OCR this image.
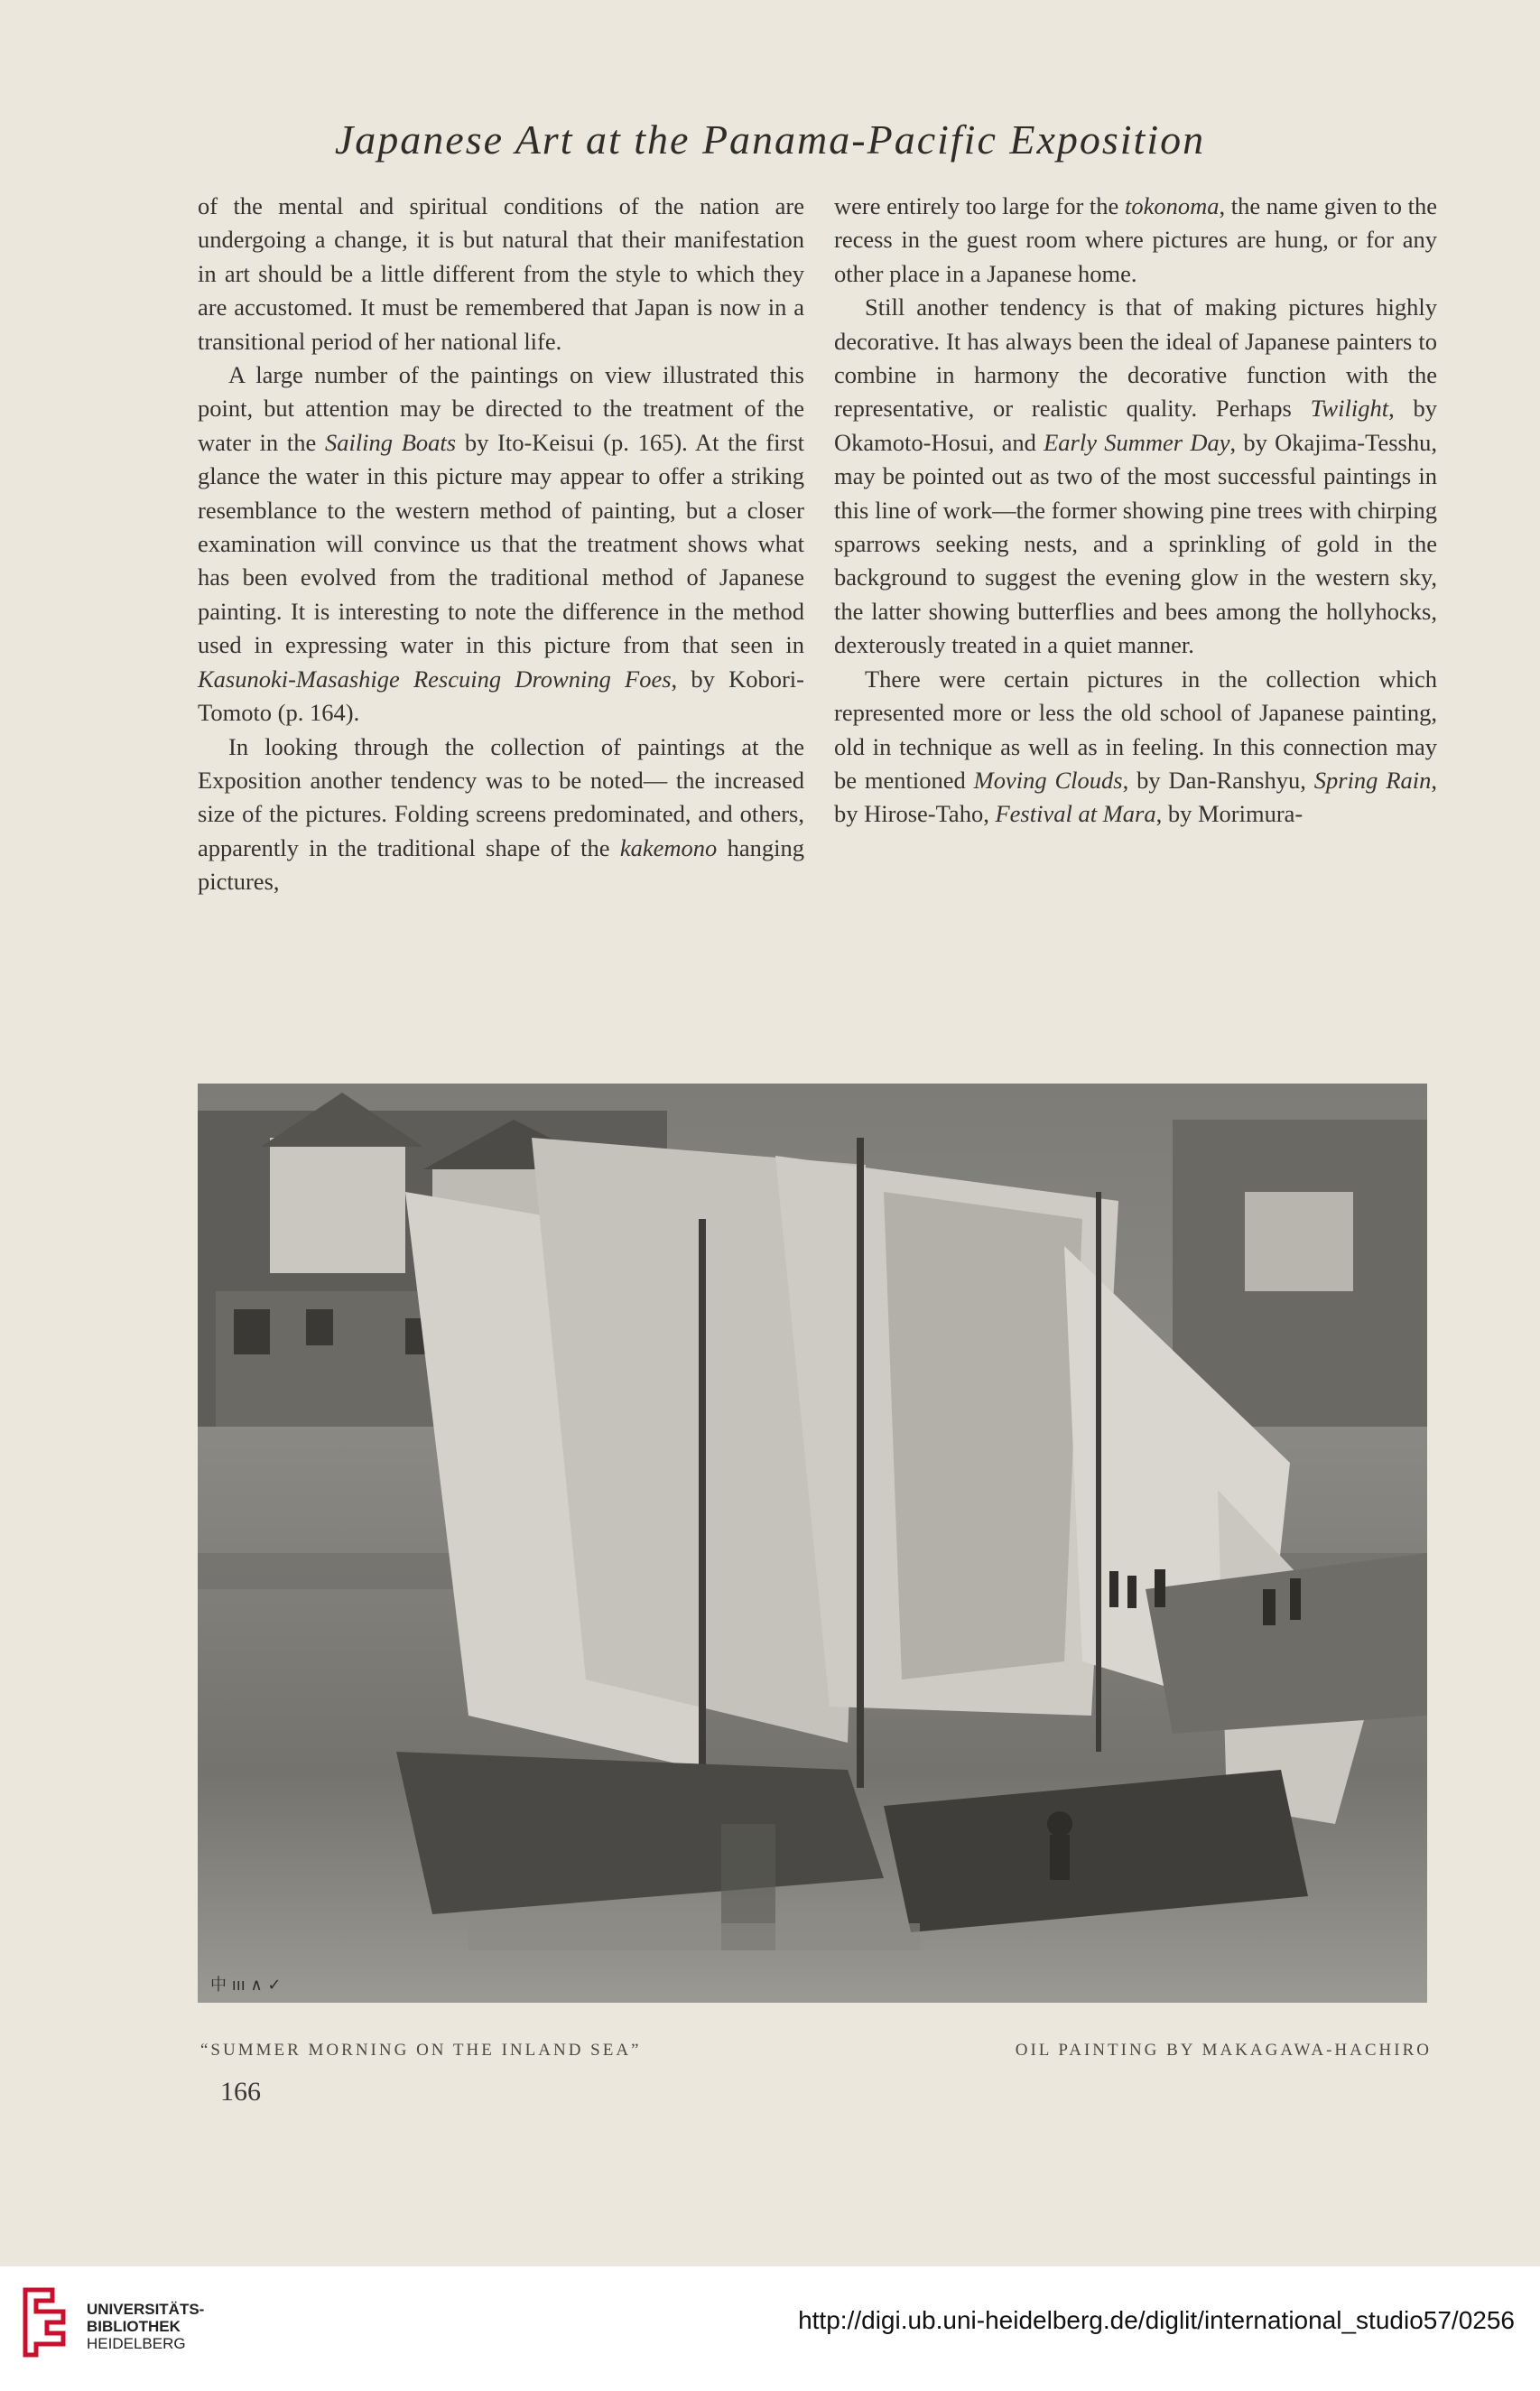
Japanese Art at the Panama-Pacific Exposition

of the mental and spiritual conditions of the nation are undergoing a change, it is but natural that their manifestation in art should be a little different from the style to which they are accustomed. It must be remembered that Japan is now in a transitional period of her national life.

A large number of the paintings on view illustrated this point, but attention may be directed to the treatment of the water in the Sailing Boats by Ito-Keisui (p. 165). At the first glance the water in this picture may appear to offer a striking resemblance to the western method of painting, but a closer examination will convince us that the treatment shows what has been evolved from the traditional method of Japanese painting. It is interesting to note the difference in the method used in expressing water in this picture from that seen in Kasunoki-Masashige Rescuing Drowning Foes, by Kobori-Tomoto (p. 164).

In looking through the collection of paintings at the Exposition another tendency was to be noted— the increased size of the pictures. Folding screens predominated, and others, apparently in the traditional shape of the kakemono hanging pictures,

were entirely too large for the tokonoma, the name given to the recess in the guest room where pictures are hung, or for any other place in a Japanese home.

Still another tendency is that of making pictures highly decorative. It has always been the ideal of Japanese painters to combine in harmony the decorative function with the representative, or realistic quality. Perhaps Twilight, by Okamoto-Hosui, and Early Summer Day, by Okajima-Tesshu, may be pointed out as two of the most successful paintings in this line of work—the former showing pine trees with chirping sparrows seeking nests, and a sprinkling of gold in the background to suggest the evening glow in the western sky, the latter showing butterflies and bees among the hollyhocks, dexterously treated in a quiet manner.

There were certain pictures in the collection which represented more or less the old school of Japanese painting, old in technique as well as in feeling. In this connection may be mentioned Moving Clouds, by Dan-Ranshyu, Spring Rain, by Hirose-Taho, Festival at Mara, by Morimura-

中 ııı ∧ ✓
“SUMMER MORNING ON THE INLAND SEA”	OIL PAINTING BY MAKAGAWA-HACHIRO
166
UNIVERSITÄTS-
BIBLIOTHEK
HEIDELBERG
http://digi.ub.uni-heidelberg.de/diglit/international_studio57/0256
